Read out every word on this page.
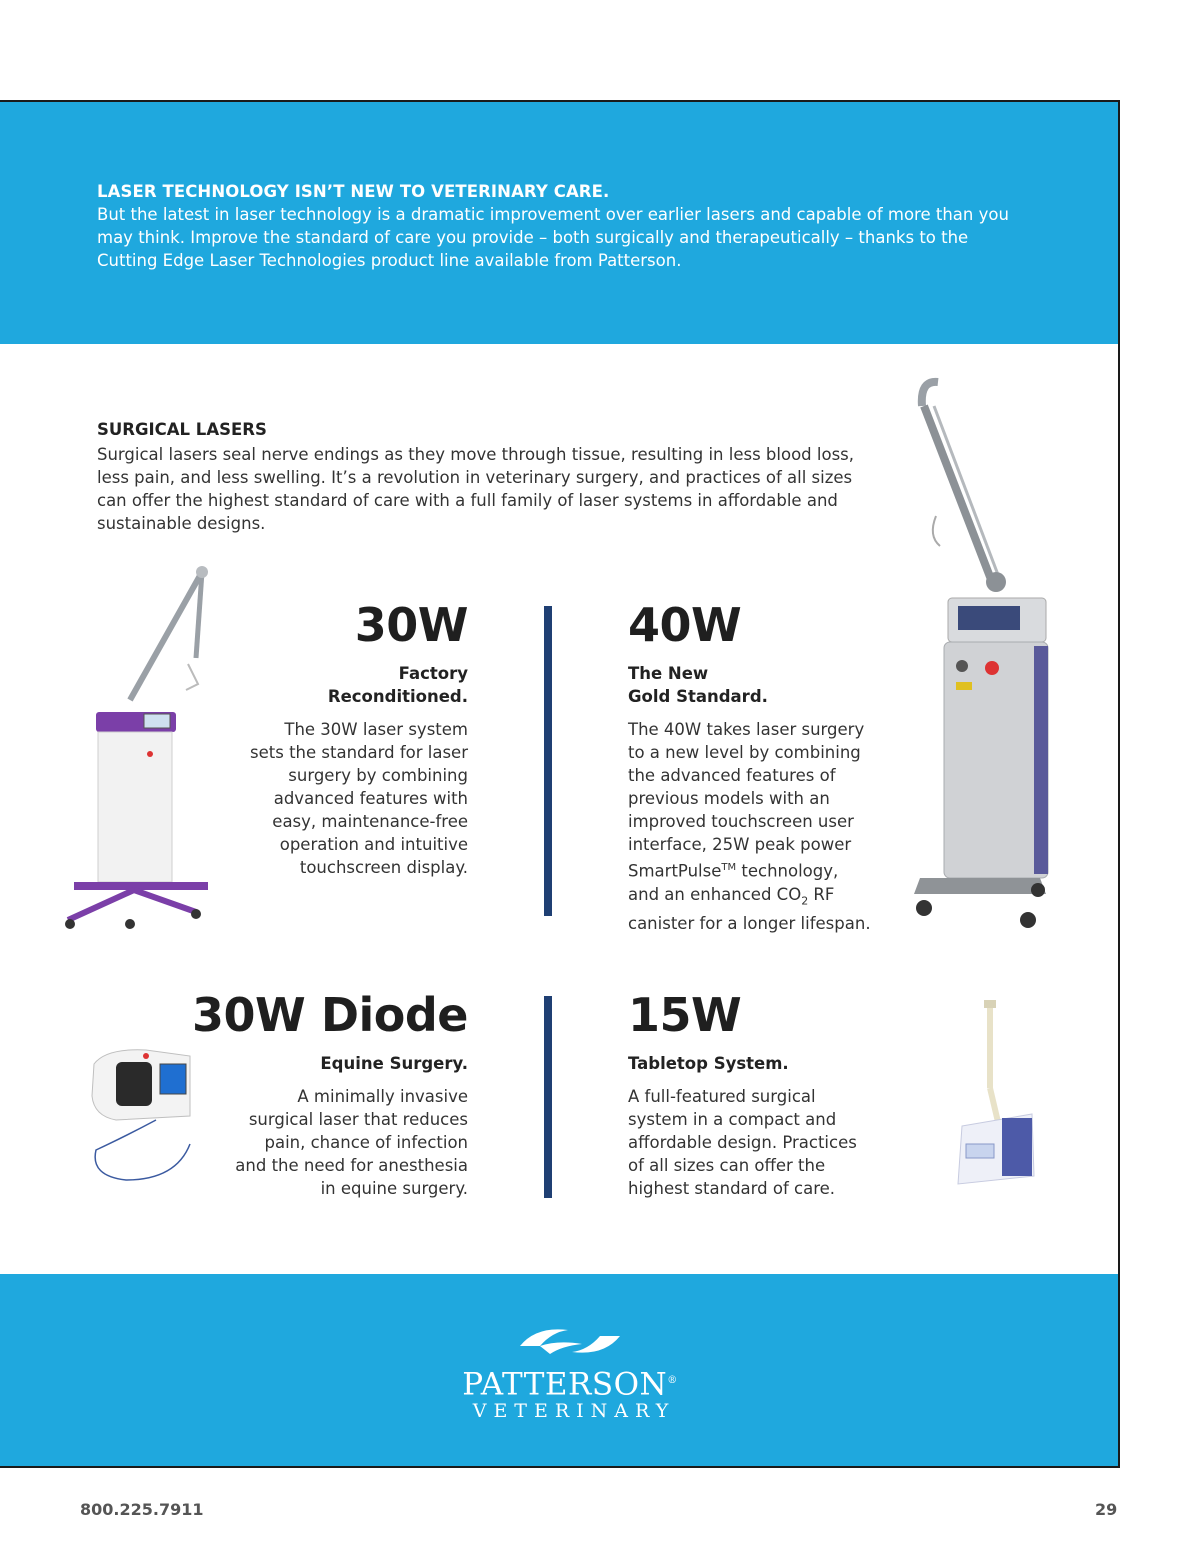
LASER TECHNOLOGY ISN’T NEW TO VETERINARY CARE.
But the latest in laser technology is a dramatic improvement over earlier lasers and capable of more than you may think. Improve the standard of care you provide – both surgically and therapeutically – thanks to the Cutting Edge Laser Technologies product line available from Patterson.
SURGICAL LASERS
Surgical lasers seal nerve endings as they move through tissue, resulting in less blood loss, less pain, and less swelling. It’s a revolution in veterinary surgery, and practices of all sizes can offer the highest standard of care with a full family of laser systems in affordable and sustainable designs.
30W
Factory
Reconditioned.
The 30W laser system
sets the standard for laser
surgery by combining
advanced features with
easy, maintenance-free
operation and intuitive
touchscreen display.
40W
The New
Gold Standard.
The 40W takes laser surgery
to a new level by combining
the advanced features of
previous models with an
improved touchscreen user
interface, 25W peak power
SmartPulse™ technology,
and an enhanced $CO_2$ RF
canister for a longer lifespan.
30W Diode
Equine Surgery.
A minimally invasive
surgical laser that reduces
pain, chance of infection
and the need for anesthesia
in equine surgery.
15W
Tabletop System.
A full-featured surgical
system in a compact and
affordable design. Practices
of all sizes can offer the
highest standard of care.
PATTERSON®
VETERINARY
800.225.7911	29
